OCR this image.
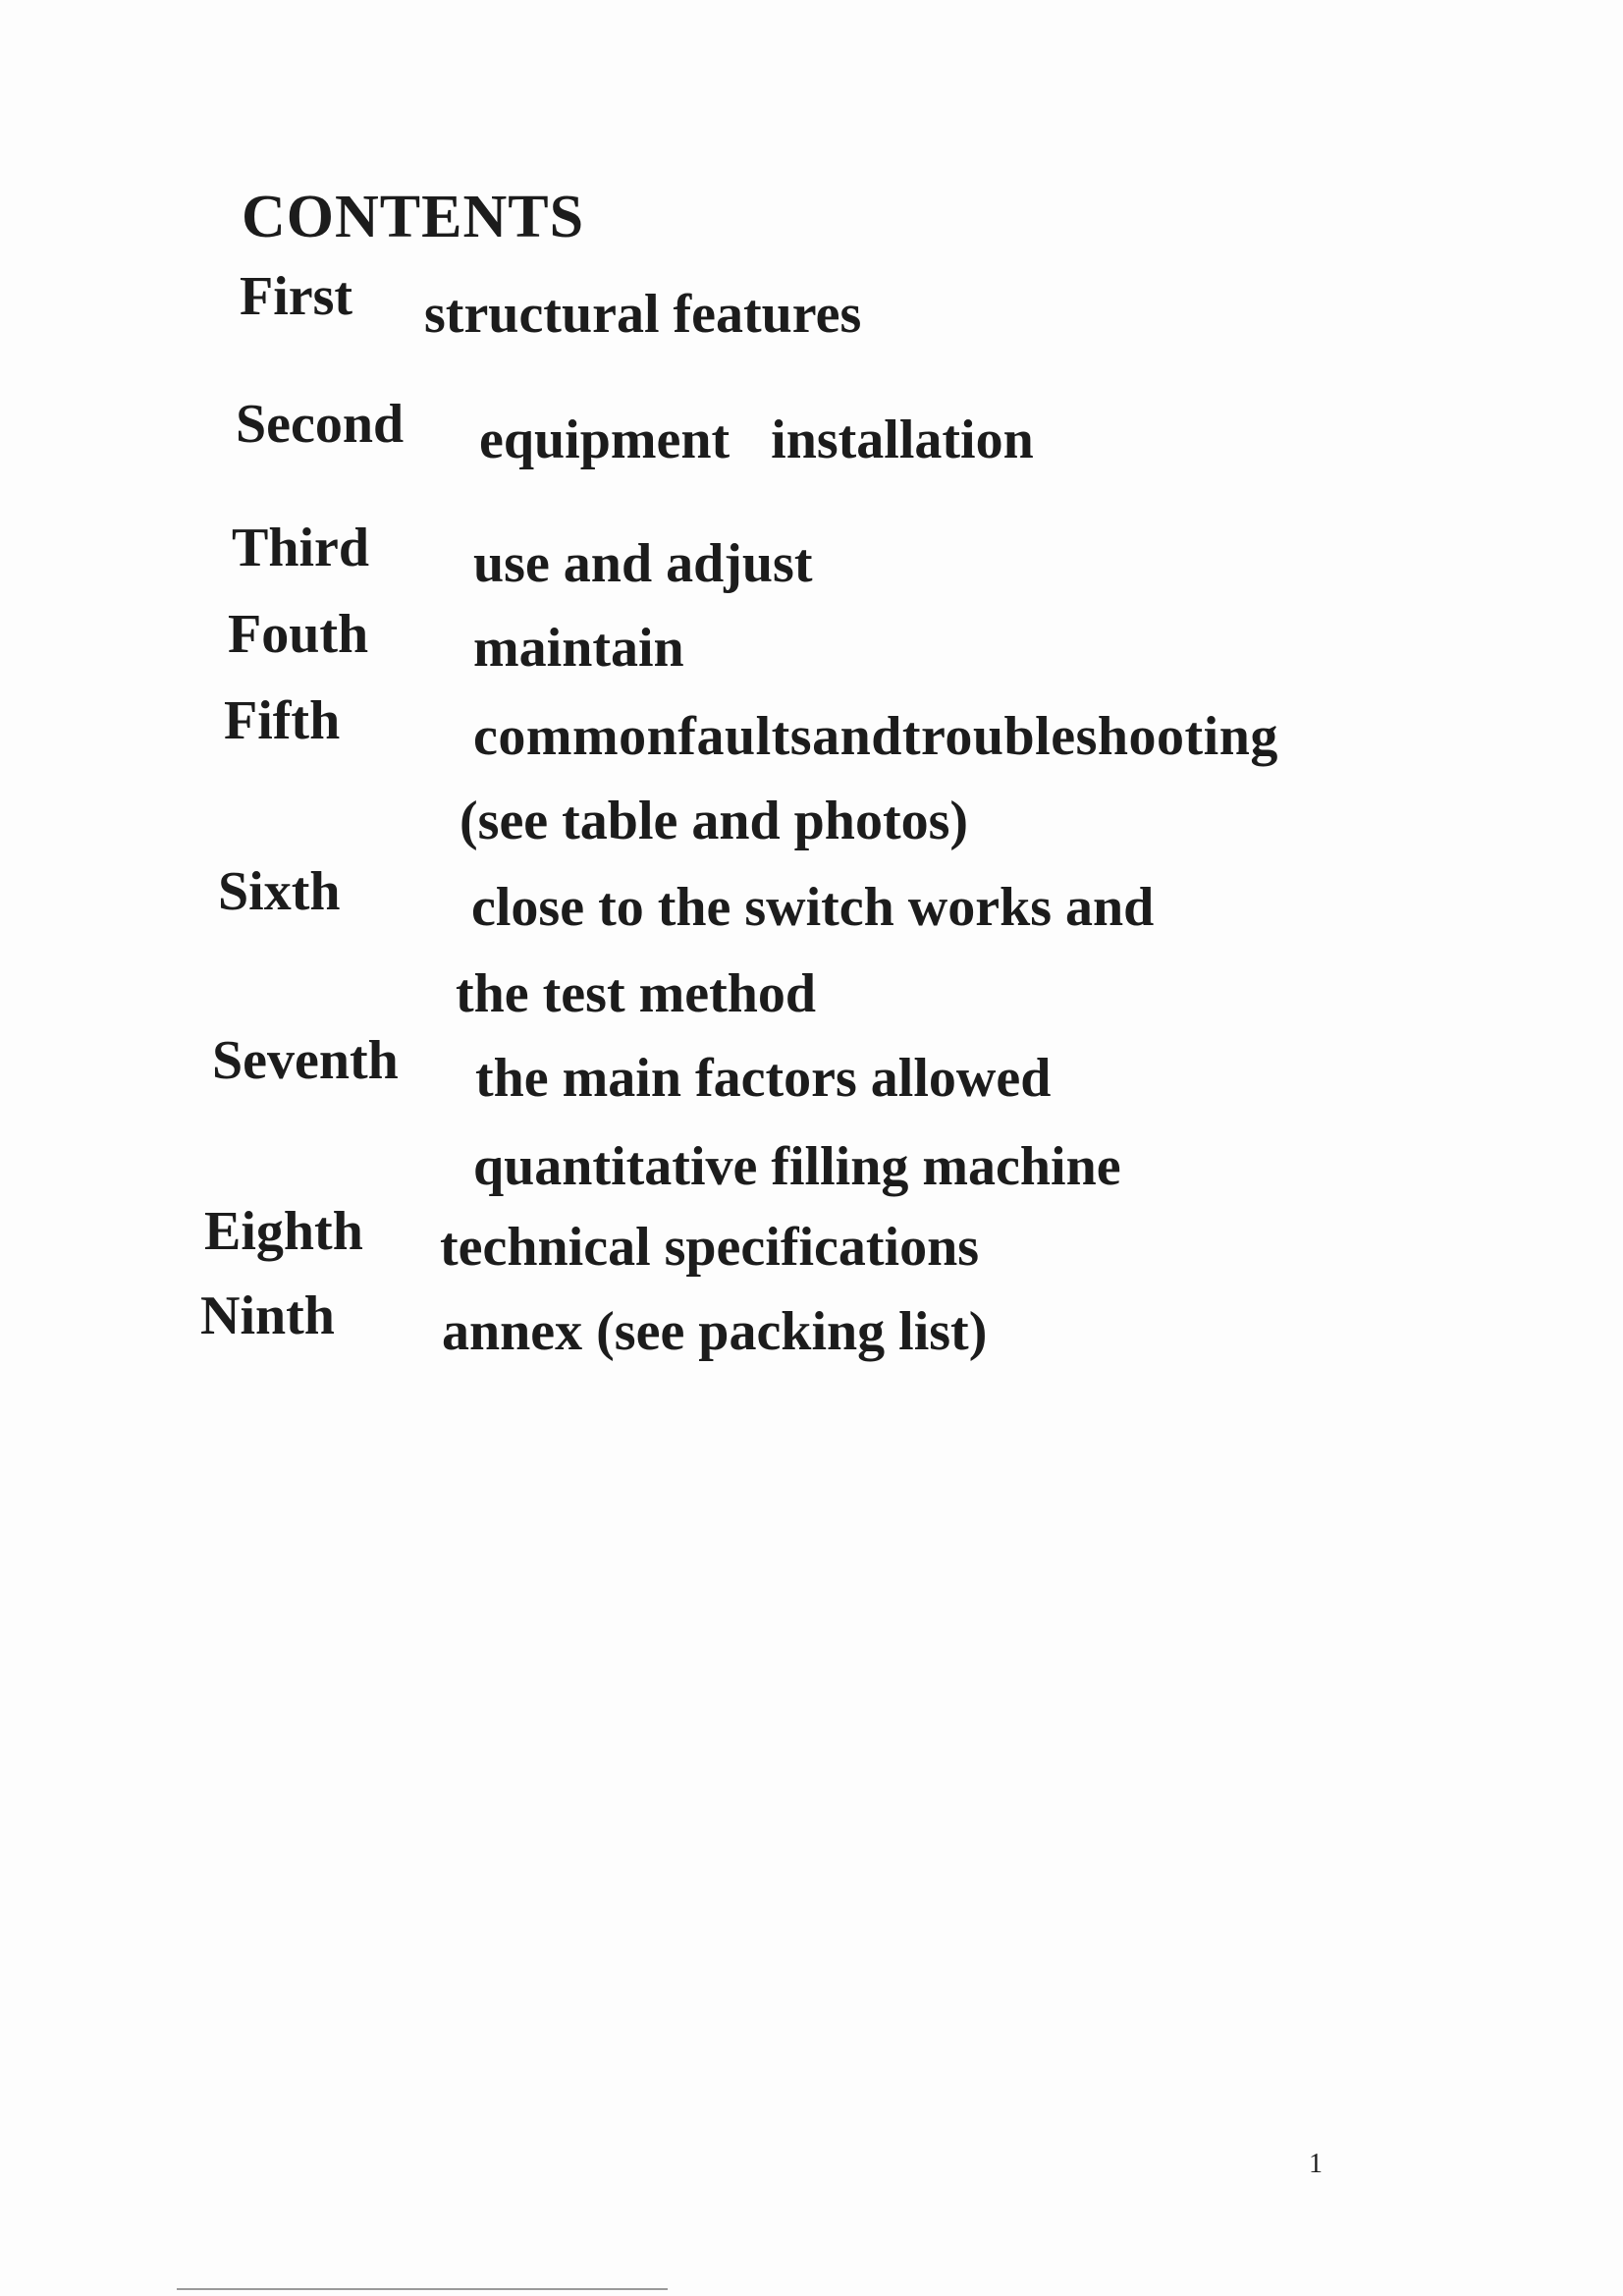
CONTENTS
First structural features
Second equipment   installation
Third use and adjust
Fouth maintain
Fifth commonfaultsandtroubleshooting
(see table and photos)
Sixth close to the switch works and
the test method
Seventh the main factors allowed
quantitative filling machine
Eighth technical specifications
Ninth annex (see packing list)
1
